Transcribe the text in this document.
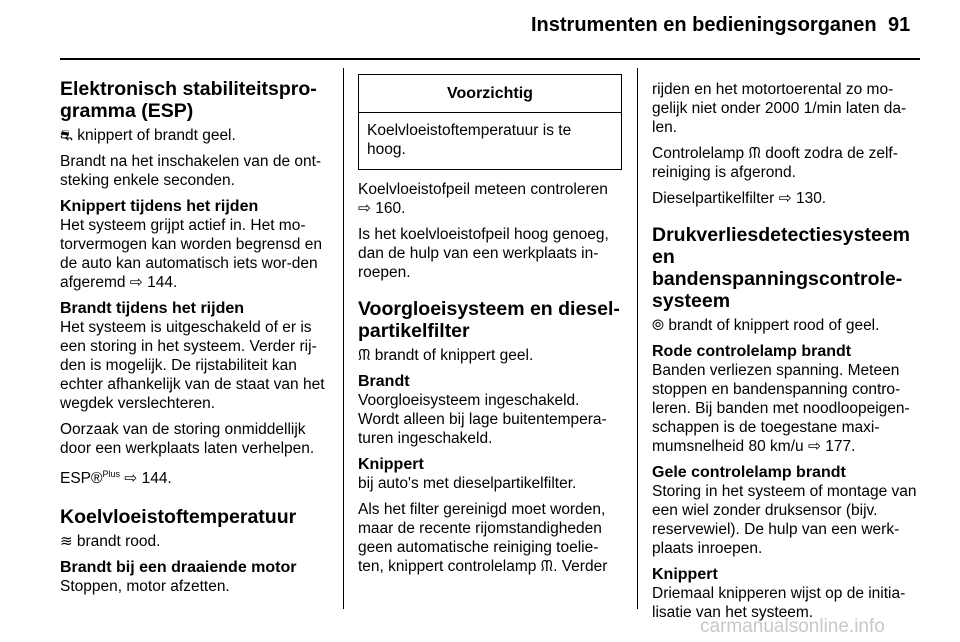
Instrumenten en bedieningsorganen 91
Elektronisch stabiliteitspro-gramma (ESP)

⛐ knippert of brandt geel.

Brandt na het inschakelen van de ont-steking enkele seconden.

Knippert tijdens het rijden

Het systeem grijpt actief in. Het mo-torvermogen kan worden begrensd en de auto kan automatisch iets wor-den afgeremd ⇨ 144.

Brandt tijdens het rijden

Het systeem is uitgeschakeld of er is een storing in het systeem. Verder rij-den is mogelijk. De rijstabiliteit kan echter afhankelijk van de staat van het wegdek verslechteren.

Oorzaak van de storing onmiddellijk door een werkplaats laten verhelpen.

ESP®$^{Plus}$ ⇨ 144.

Koelvloeistoftemperatuur

≋ brandt rood.

Brandt bij een draaiende motor

Stoppen, motor afzetten.

Voorzichtig
Koelvloeistoftemperatuur is te hoog.

Koelvloeistofpeil meteen controleren ⇨ 160.

Is het koelvloeistofpeil hoog genoeg, dan de hulp van een werkplaats in-roepen.

Voorgloeisysteem en diesel-partikelfilter

ᙏ brandt of knippert geel.

Brandt

Voorgloeisysteem ingeschakeld. Wordt alleen bij lage buitentempera-turen ingeschakeld.

Knippert

bij auto's met dieselpartikelfilter.

Als het filter gereinigd moet worden, maar de recente rijomstandigheden geen automatische reiniging toelie-ten, knippert controlelamp ᙏ. Verder

rijden en het motortoerental zo mo-gelijk niet onder 2000 1/min laten da-len.

Controlelamp ᙏ dooft zodra de zelf-reiniging is afgerond.

Dieselpartikelfilter ⇨ 130.

Drukverliesdetectiesysteem en bandenspanningscontrole-systeem

⦾ brandt of knippert rood of geel.

Rode controlelamp brandt

Banden verliezen spanning. Meteen stoppen en bandenspanning contro-leren. Bij banden met noodloopeigen-schappen is de toegestane maxi-mumsnelheid 80 km/u ⇨ 177.

Gele controlelamp brandt

Storing in het systeem of montage van een wiel zonder druksensor (bijv. reservewiel). De hulp van een werk-plaats inroepen.

Knippert

Driemaal knipperen wijst op de initia-lisatie van het systeem.

carmanualsonline.info
